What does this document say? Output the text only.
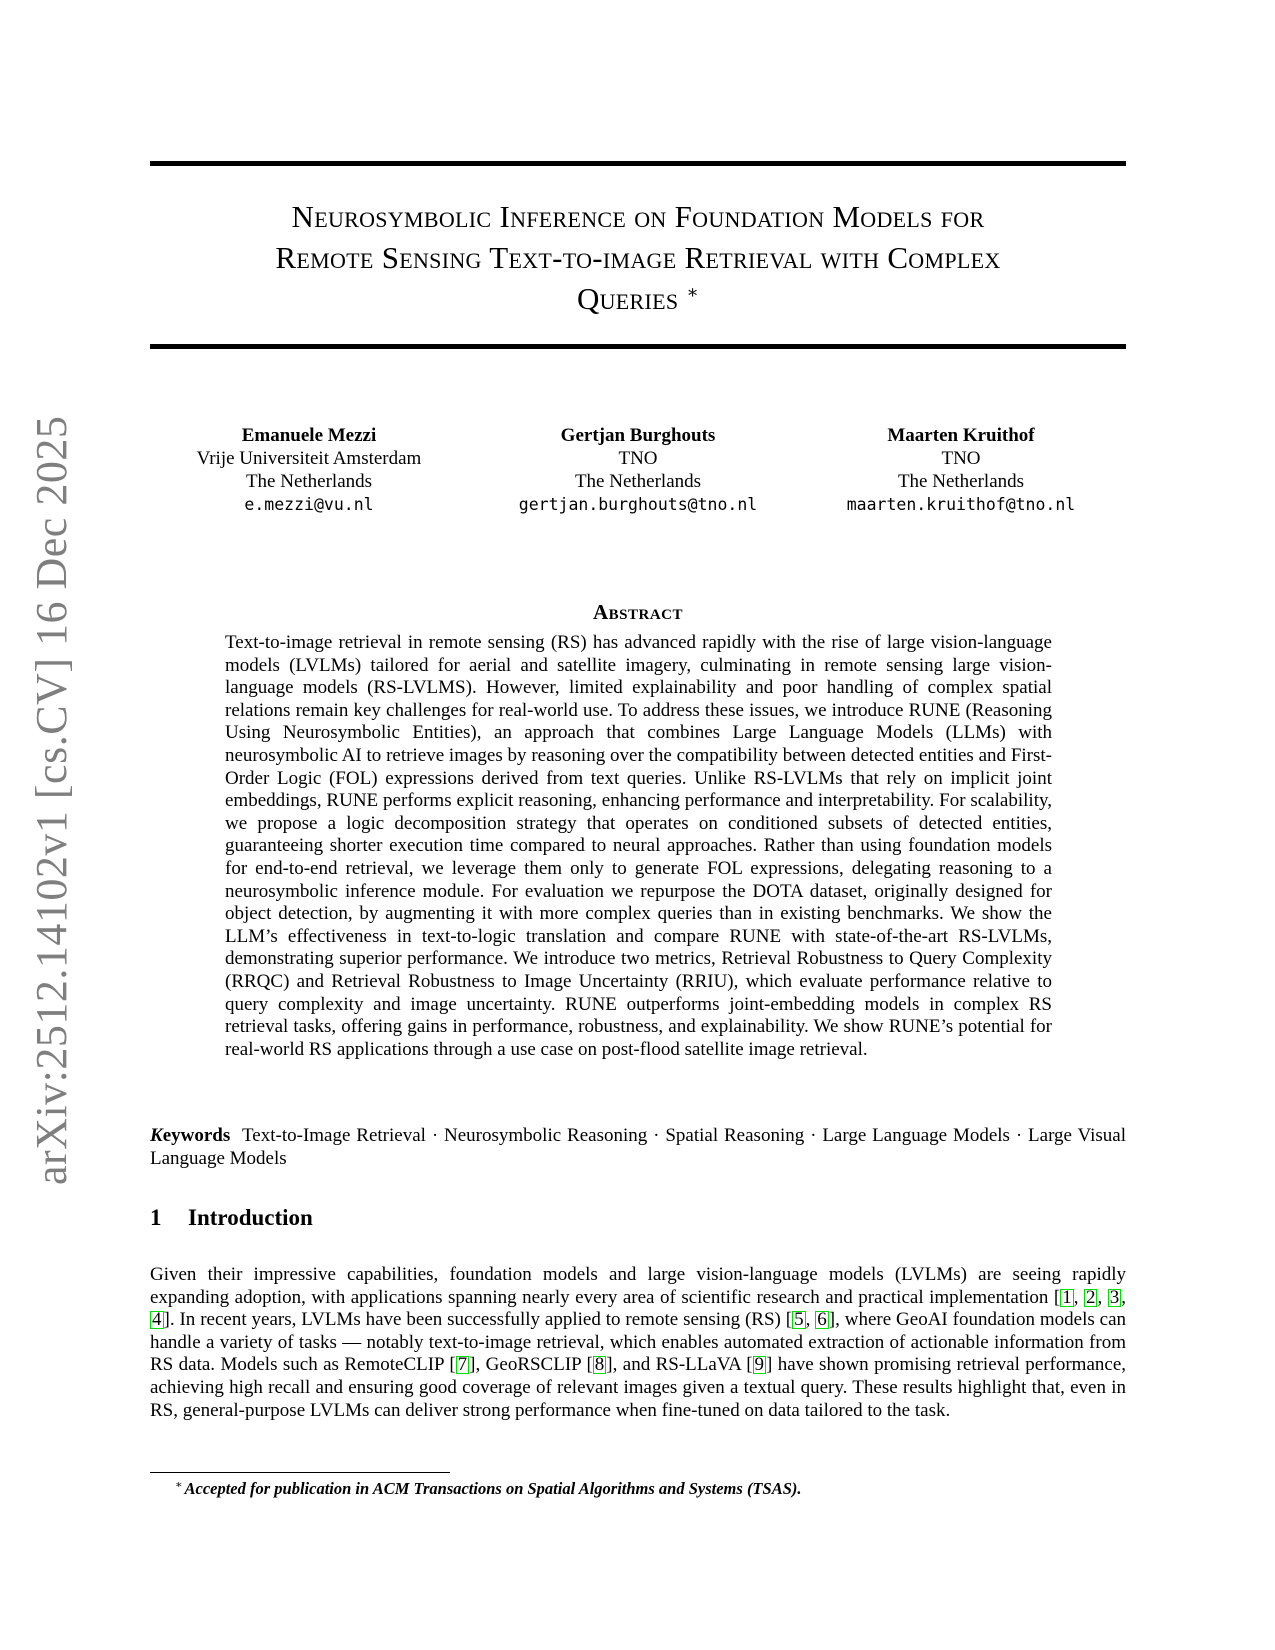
arXiv:2512.14102v1 [cs.CV] 16 Dec 2025
Neurosymbolic Inference on Foundation Models for
Remote Sensing Text-to-image Retrieval with Complex
Queries ∗
Emanuele Mezzi
Vrije Universiteit Amsterdam
The Netherlands
e.mezzi@vu.nl
Gertjan Burghouts
TNO
The Netherlands
gertjan.burghouts@tno.nl
Maarten Kruithof
TNO
The Netherlands
maarten.kruithof@tno.nl
Abstract
Text-to-image retrieval in remote sensing (RS) has advanced rapidly with the rise of large vision-language models (LVLMs) tailored for aerial and satellite imagery, culminating in remote sensing large vision-language models (RS-LVLMS). However, limited explainability and poor handling of complex spatial relations remain key challenges for real-world use. To address these issues, we introduce RUNE (Reasoning Using Neurosymbolic Entities), an approach that combines Large Language Models (LLMs) with neurosymbolic AI to retrieve images by reasoning over the compatibility between detected entities and First-Order Logic (FOL) expressions derived from text queries. Unlike RS-LVLMs that rely on implicit joint embeddings, RUNE performs explicit reasoning, enhancing performance and interpretability. For scalability, we propose a logic decomposition strategy that operates on conditioned subsets of detected entities, guaranteeing shorter execution time compared to neural approaches. Rather than using foundation models for end-to-end retrieval, we leverage them only to generate FOL expressions, delegating reasoning to a neurosymbolic inference module. For evaluation we repurpose the DOTA dataset, originally designed for object detection, by augmenting it with more complex queries than in existing benchmarks. We show the LLM’s effectiveness in text-to-logic translation and compare RUNE with state-of-the-art RS-LVLMs, demonstrating superior performance. We introduce two metrics, Retrieval Robustness to Query Complexity (RRQC) and Retrieval Robustness to Image Uncertainty (RRIU), which evaluate performance relative to query complexity and image uncertainty. RUNE outperforms joint-embedding models in complex RS retrieval tasks, offering gains in performance, robustness, and explainability. We show RUNE’s potential for real-world RS applications through a use case on post-flood satellite image retrieval.
Keywords Text-to-Image Retrieval · Neurosymbolic Reasoning · Spatial Reasoning · Large Language Models · Large Visual Language Models
1 Introduction
Given their impressive capabilities, foundation models and large vision-language models (LVLMs) are seeing rapidly expanding adoption, with applications spanning nearly every area of scientific research and practical implementation [ 1 , 2 , 3 , 4 ]. In recent years, LVLMs have been successfully applied to remote sensing (RS) [ 5 , 6 ], where GeoAI foundation models can handle a variety of tasks — notably text-to-image retrieval, which enables automated extraction of actionable information from RS data. Models such as RemoteCLIP [ 7 ], GeoRSCLIP [ 8 ], and RS-LLaVA [ 9 ] have shown promising retrieval performance, achieving high recall and ensuring good coverage of relevant images given a textual query. These results highlight that, even in RS, general-purpose LVLMs can deliver strong performance when fine-tuned on data tailored to the task.
∗ Accepted for publication in ACM Transactions on Spatial Algorithms and Systems (TSAS).
